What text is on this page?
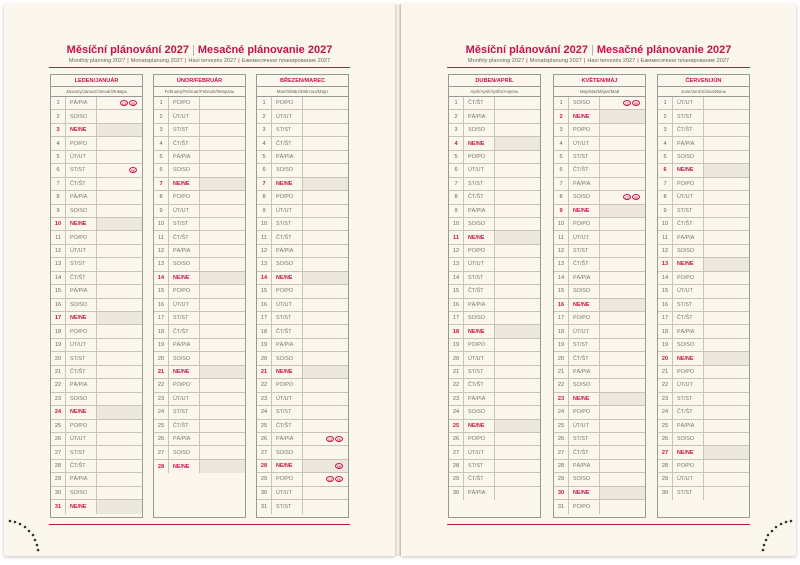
Měsíční plánování 2027 | Mesačné plánovanie 2027
Monthly planning 2027 | Monatsplanung 2027 | Havi tervezés 2027 | Ежемесячное планирование 2027
LEDEN/JANUÁR
January/Januar/Január/Январь
1	PÁ/PIA	CZ SK
2	SO/SO
3	NE/NE
4	PO/PO
5	ÚT/UT
6	ST/ST	SK
7	ČT/ŠT
8	PÁ/PIA
9	SO/SO
10	NE/NE
11	PO/PO
12	ÚT/UT
13	ST/ST
14	ČT/ŠT
15	PÁ/PIA
16	SO/SO
17	NE/NE
18	PO/PO
19	ÚT/UT
20	ST/ST
21	ČT/ŠT
22	PÁ/PIA
23	SO/SO
24	NE/NE
25	PO/PO
26	ÚT/UT
27	ST/ST
28	ČT/ŠT
29	PÁ/PIA
30	SO/SO
31	NE/NE
ÚNOR/FEBRUÁR
February/Februar/Február/Февраль
1	PO/PO
2	ÚT/UT
3	ST/ST
4	ČT/ŠT
5	PÁ/PIA
6	SO/SO
7	NE/NE
8	PO/PO
9	ÚT/UT
10	ST/ST
11	ČT/ŠT
12	PÁ/PIA
13	SO/SO
14	NE/NE
15	PO/PO
16	ÚT/UT
17	ST/ST
18	ČT/ŠT
19	PÁ/PIA
20	SO/SO
21	NE/NE
22	PO/PO
23	ÚT/UT
24	ST/ST
25	ČT/ŠT
26	PÁ/PIA
27	SO/SO
28	NE/NE
BŘEZEN/MAREC
March/März/Március/Март
1	PO/PO
2	ÚT/UT
3	ST/ST
4	ČT/ŠT
5	PÁ/PIA
6	SO/SO
7	NE/NE
8	PO/PO
9	ÚT/UT
10	ST/ST
11	ČT/ŠT
12	PÁ/PIA
13	SO/SO
14	NE/NE
15	PO/PO
16	ÚT/UT
17	ST/ST
18	ČT/ŠT
19	PÁ/PIA
20	SO/SO
21	NE/NE
22	PO/PO
23	ÚT/UT
24	ST/ST
25	ČT/ŠT
26	PÁ/PIA	CZ SK
27	SO/SO
28	NE/NE	SK
29	PO/PO	CZ SK
30	ÚT/UT
31	ST/ST
Měsíční plánování 2027 | Mesačné plánovanie 2027
Monthly planning 2027 | Monatsplanung 2027 | Havi tervezés 2027 | Ежемесячное планирование 2027
DUBEN/APRÍL
April/April/Április/Апрель
1	ČT/ŠT
2	PÁ/PIA
3	SO/SO
4	NE/NE
5	PO/PO
6	ÚT/UT
7	ST/ST
8	ČT/ŠT
9	PÁ/PIA
10	SO/SO
11	NE/NE
12	PO/PO
13	ÚT/UT
14	ST/ST
15	ČT/ŠT
16	PÁ/PIA
17	SO/SO
18	NE/NE
19	PO/PO
20	ÚT/UT
21	ST/ST
22	ČT/ŠT
23	PÁ/PIA
24	SO/SO
25	NE/NE
26	PO/PO
27	ÚT/UT
28	ST/ST
29	ČT/ŠT
30	PÁ/PIA
KVĚTEN/MÁJ
May/Mai/Május/Май
1	SO/SO	CZ SK
2	NE/NE
3	PO/PO
4	ÚT/UT
5	ST/ST
6	ČT/ŠT
7	PÁ/PIA
8	SO/SO	CZ SK
9	NE/NE
10	PO/PO
11	ÚT/UT
12	ST/ST
13	ČT/ŠT
14	PÁ/PIA
15	SO/SO
16	NE/NE
17	PO/PO
18	ÚT/UT
19	ST/ST
20	ČT/ŠT
21	PÁ/PIA
22	SO/SO
23	NE/NE
24	PO/PO
25	ÚT/UT
26	ST/ST
27	ČT/ŠT
28	PÁ/PIA
29	SO/SO
30	NE/NE
31	PO/PO
ČERVEN/JÚN
June/Juni/Június/Июнь
1	ÚT/UT
2	ST/ST
3	ČT/ŠT
4	PÁ/PIA
5	SO/SO
6	NE/NE
7	PO/PO
8	ÚT/UT
9	ST/ST
10	ČT/ŠT
11	PÁ/PIA
12	SO/SO
13	NE/NE
14	PO/PO
15	ÚT/UT
16	ST/ST
17	ČT/ŠT
18	PÁ/PIA
19	SO/SO
20	NE/NE
21	PO/PO
22	ÚT/UT
23	ST/ST
24	ČT/ŠT
25	PÁ/PIA
26	SO/SO
27	NE/NE
28	PO/PO
29	ÚT/UT
30	ST/ST
